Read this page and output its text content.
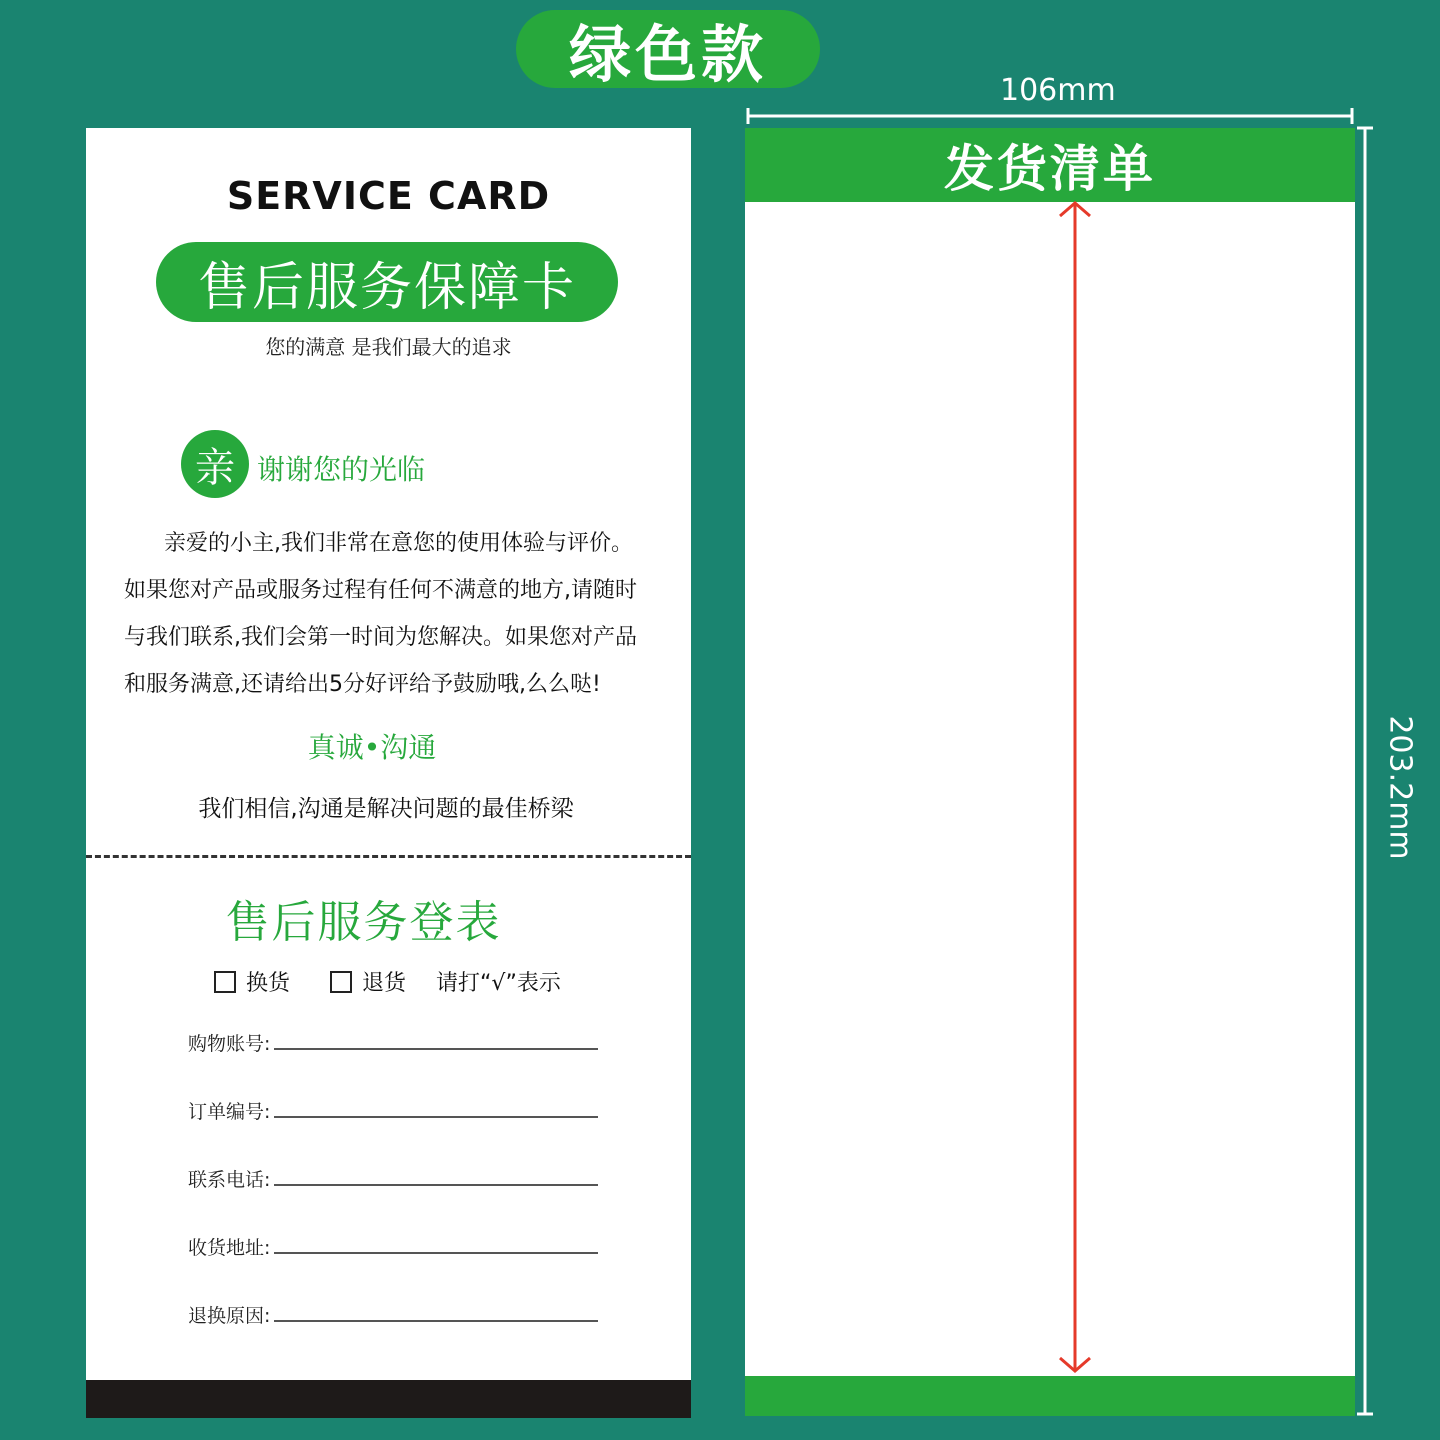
绿色款
SERVICE CARD
售后服务保障卡
您的满意 是我们最大的追求
亲 谢谢您的光临

亲爱的小主,我们非常在意您的使用体验与评价。

如果您对产品或服务过程有任何不满意的地方,请随时

与我们联系,我们会第一时间为您解决。如果您对产品

和服务满意,还请给出5分好评给予鼓励哦,么么哒!

真诚•沟通
我们相信,沟通是解决问题的最佳桥梁
售后服务登表
换货	退货 请打“√”表示
购物账号:
订单编号:
联系电话:
收货地址:
退换原因:
发货清单
106mm
203.2mm
